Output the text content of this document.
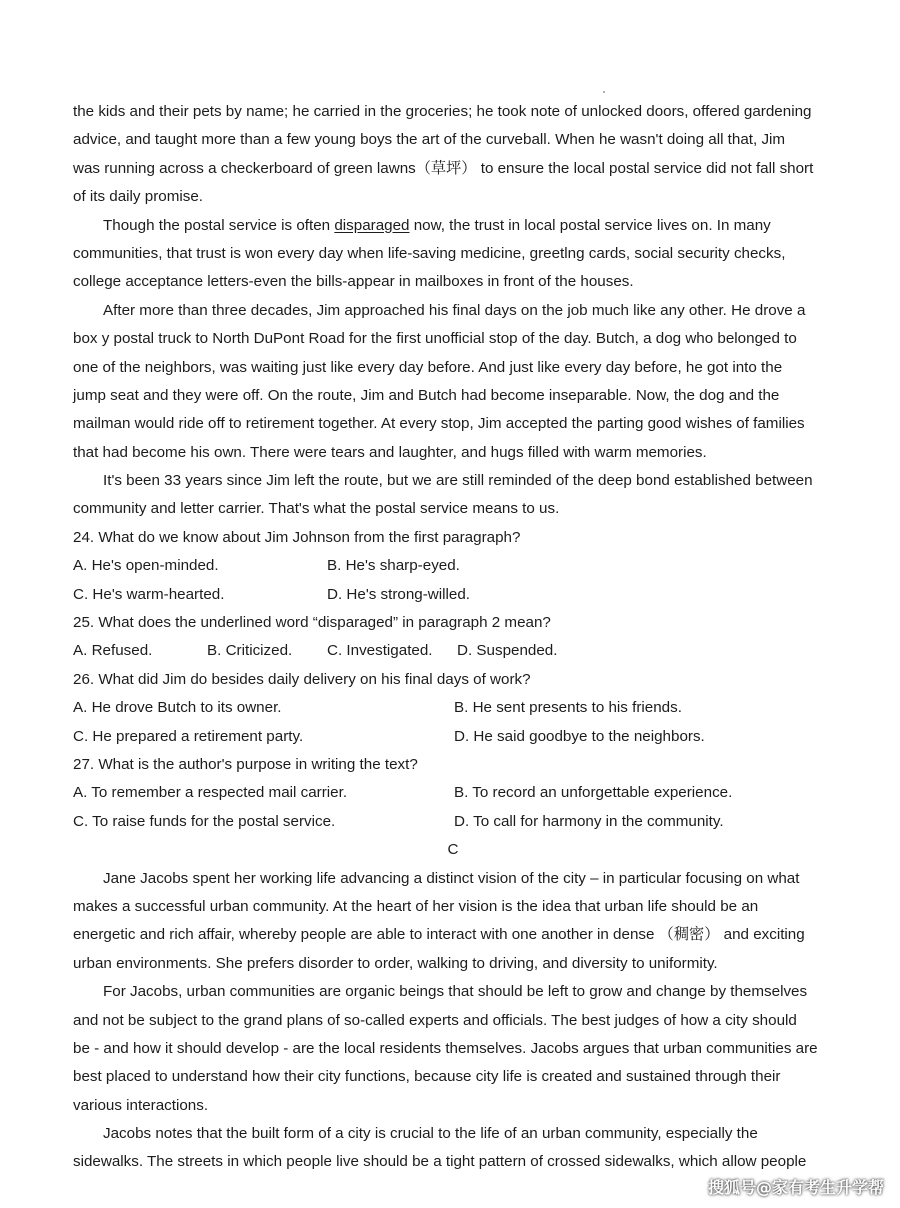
the kids and their pets by name; he carried in the groceries; he took note of unlocked doors, offered gardening
advice, and taught more than a few young boys the art of the curveball. When he wasn't doing all that, Jim
was running across a checkerboard of green lawns（草坪） to ensure the local postal service did not fall short
of its daily promise.
Though the postal service is often disparaged now, the trust in local postal service lives on. In many
communities, that trust is won every day when life-saving medicine, greetlng cards, social security checks,
college acceptance letters-even the bills-appear in mailboxes in front of the houses.
After more than three decades, Jim approached his final days on the job much like any other. He drove a
box y postal truck to North DuPont Road for the first unofficial stop of the day. Butch, a dog who belonged to
one of the neighbors, was waiting just like every day before. And just like every day before, he got into the
jump seat and they were off. On the route, Jim and Butch had become inseparable. Now, the dog and the
mailman would ride off to retirement together. At every stop, Jim accepted the parting good wishes of families
that had become his own. There were tears and laughter, and hugs filled with warm memories.
It's been 33 years since Jim left the route, but we are still reminded of the deep bond established between
community and letter carrier. That's what the postal service means to us.
24. What do we know about Jim Johnson from the first paragraph?
A. He's open-minded.	B. He's sharp-eyed.
C. He's warm-hearted.	D. He's strong-willed.
25. What does the underlined word “disparaged” in paragraph 2 mean?
A. Refused.	B. Criticized.	C. Investigated.	D. Suspended.
26. What did Jim do besides daily delivery on his final days of work?
A. He drove Butch to its owner.	B. He sent presents to his friends.
C. He prepared a retirement party.	D. He said goodbye to the neighbors.
27. What is the author's purpose in writing the text?
A. To remember a respected mail carrier.	B. To record an unforgettable experience.
C. To raise funds for the postal service.	D. To call for harmony in the community.
C
Jane Jacobs spent her working life advancing a distinct vision of the city – in particular focusing on what
makes a successful urban community. At the heart of her vision is the idea that urban life should be an
energetic and rich affair, whereby people are able to interact with one another in dense （稠密） and exciting
urban environments. She prefers disorder to order, walking to driving, and diversity to uniformity.
For Jacobs, urban communities are organic beings that should be left to grow and change by themselves
and not be subject to the grand plans of so-called experts and officials. The best judges of how a city should
be - and how it should develop - are the local residents themselves. Jacobs argues that urban communities are
best placed to understand how their city functions, because city life is created and sustained through their
various interactions.
Jacobs notes that the built form of a city is crucial to the life of an urban community, especially the
sidewalks. The streets in which people live should be a tight pattern of crossed sidewalks, which allow people
搜狐号@家有考生升学帮
